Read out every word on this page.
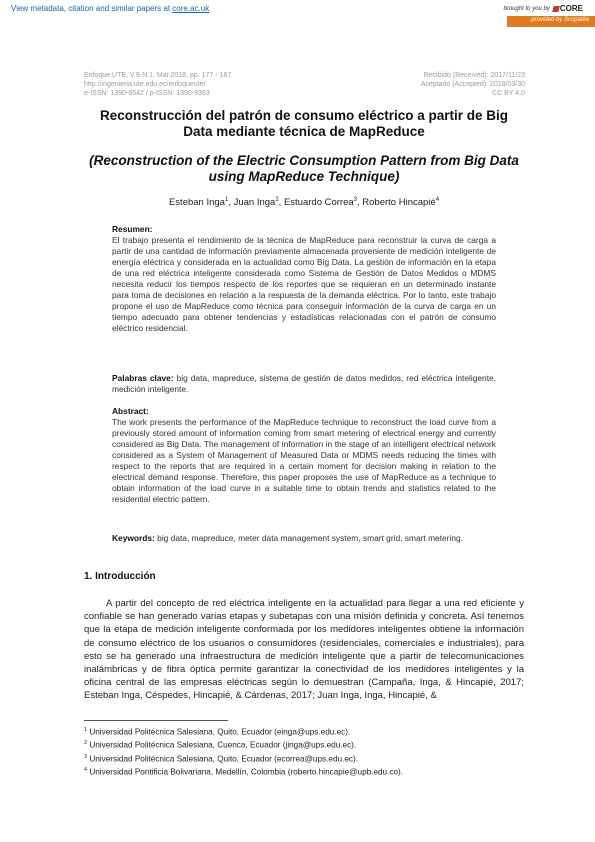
View metadata, citation and similar papers at core.ac.uk	brought to you by CORE
provided by Scopadia
Enfoque UTE, V.9-N.1, Mar.2018, pp. 177 - 187
http://ingenieria.ute.edu.ec/enfoqueute/
e-ISSN: 1390-6542 / p-ISSN: 1390-9363
Recibido (Received): 2017/11/23
Aceptado (Accepted): 2018/03/30
CC BY 4.0
Reconstrucción del patrón de consumo eléctrico a partir de Big Data mediante técnica de MapReduce
(Reconstruction of the Electric Consumption Pattern from Big Data using MapReduce Technique)
Esteban Inga$^1$, Juan Inga$^2$, Estuardo Correa$^3$, Roberto Hincapié$^4$
Resumen:
El trabajo presenta el rendimiento de la técnica de MapReduce para reconstruir la curva de carga a partir de una cantidad de información previamente almacenada proveniente de medición inteligente de energía eléctrica y considerada en la actualidad como Big Data. La gestión de información en la etapa de una red eléctrica inteligente considerada como Sistema de Gestión de Datos Medidos o MDMS necesita reducir los tiempos respecto de los reportes que se requieran en un determinado instante para toma de decisiones en relación a la respuesta de la demanda eléctrica. Por lo tanto, este trabajo propone el uso de MapReduce como técnica para conseguir información de la curva de carga en un tiempo adecuado para obtener tendencias y estadísticas relacionadas con el patrón de consumo eléctrico residencial.
Palabras clave: big data, mapreduce, sistema de gestión de datos medidos, red eléctrica inteligente, medición inteligente.
Abstract:
The work presents the performance of the MapReduce technique to reconstruct the load curve from a previously stored amount of information coming from smart metering of electrical energy and currently considered as Big Data. The management of information in the stage of an intelligent electrical network considered as a System of Management of Measured Data or MDMS needs reducing the times with respect to the reports that are required in a certain moment for decision making in relation to the electrical demand response. Therefore, this paper proposes the use of MapReduce as a technique to obtain information of the load curve in a suitable time to obtain trends and statistics related to the residential electric pattern.
Keywords: big data, mapreduce, meter data management system, smart grid, smart metering.
1. Introducción
A partir del concepto de red eléctrica inteligente en la actualidad para llegar a una red eficiente y confiable se han generado varias etapas y subetapas con una misión definida y concreta. Así tenemos que la etapa de medición inteligente conformada por los medidores inteligentes obtiene la información de consumo eléctrico de los usuarios o consumidores (residenciales, comerciales e industriales), para esto se ha generado una infraestructura de medición inteligente que a partir de telecomunicaciones inalámbricas y de fibra óptica permite garantizar la conectividad de los medidores inteligentes y la oficina central de las empresas eléctricas según lo demuestran (Campaña, Inga, & Hincapié, 2017; Esteban Inga, Céspedes, Hincapié, & Cárdenas, 2017; Juan Inga, Inga, Hincapié, &
$^1$ Universidad Politécnica Salesiana, Quito, Ecuador (einga@ups.edu.ec).
$^2$ Universidad Politécnica Salesiana, Cuenca, Ecuador (jinga@ups.edu.ec).
$^3$ Universidad Politécnica Salesiana, Quito, Ecuador (ecorrea@ups.edu.ec).
$^4$ Universidad Pontificia Bolivariana, Medellín, Colombia (roberto.hincapie@upb.edu.co).
